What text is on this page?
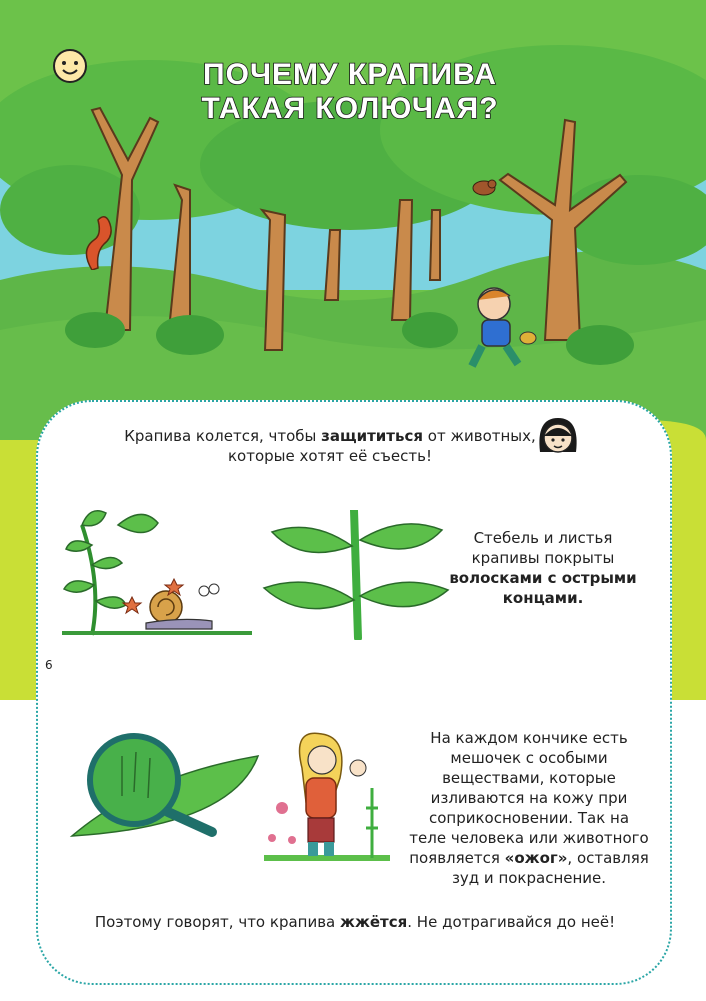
ПОЧЕМУ КРАПИВА
ТАКАЯ КОЛЮЧАЯ?
Крапива колется, чтобы защититься от животных,
которые хотят её съесть!
Стебель и листья
крапивы покрыты
волосками с острыми
концами.
6
На каждом кончике есть
мешочек с особыми
веществами, которые
изливаются на кожу при
соприкосновении. Так на
теле человека или животного
появляется «ожог», оставляя
зуд и покраснение.
Поэтому говорят, что крапива жжётся. Не дотрагивайся до неё!
